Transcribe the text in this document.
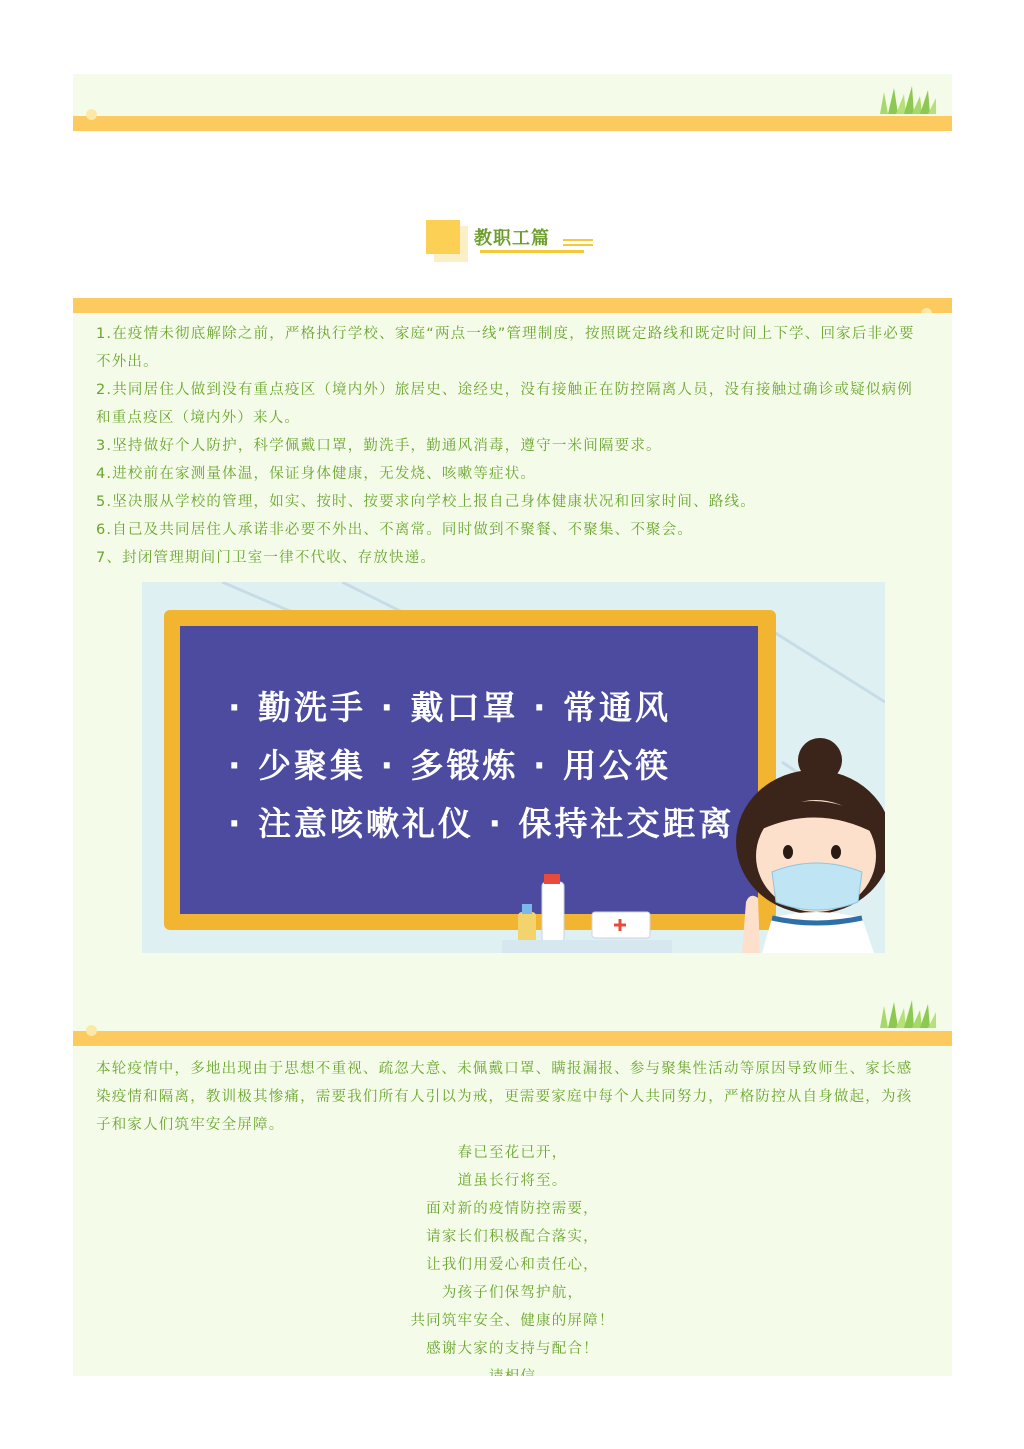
教职工篇
1.在疫情未彻底解除之前，严格执行学校、家庭“两点一线”管理制度，按照既定路线和既定时间上下学、回家后非必要不外出。
2.共同居住人做到没有重点疫区（境内外）旅居史、途经史，没有接触正在防控隔离人员，没有接触过确诊或疑似病例和重点疫区（境内外）来人。
3.坚持做好个人防护，科学佩戴口罩，勤洗手，勤通风消毒，遵守一米间隔要求。
4.进校前在家测量体温，保证身体健康，无发烧、咳嗽等症状。
5.坚决服从学校的管理，如实、按时、按要求向学校上报自己身体健康状况和回家时间、路线。
6.自己及共同居住人承诺非必要不外出、不离常。同时做到不聚餐、不聚集、不聚会。
7、封闭管理期间门卫室一律不代收、存放快递。
· 勤洗手 · 戴口罩 · 常通风
· 少聚集 · 多锻炼 · 用公筷
· 注意咳嗽礼仪 · 保持社交距离
本轮疫情中，多地出现由于思想不重视、疏忽大意、未佩戴口罩、瞒报漏报、参与聚集性活动等原因导致师生、家长感染疫情和隔离，教训极其惨痛，需要我们所有人引以为戒，更需要家庭中每个人共同努力，严格防控从自身做起，为孩子和家人们筑牢安全屏障。
春已至花已开，
道虽长行将至。
面对新的疫情防控需要，
请家长们积极配合落实，
让我们用爱心和责任心，
为孩子们保驾护航，
共同筑牢安全、健康的屏障！
感谢大家的支持与配合！
